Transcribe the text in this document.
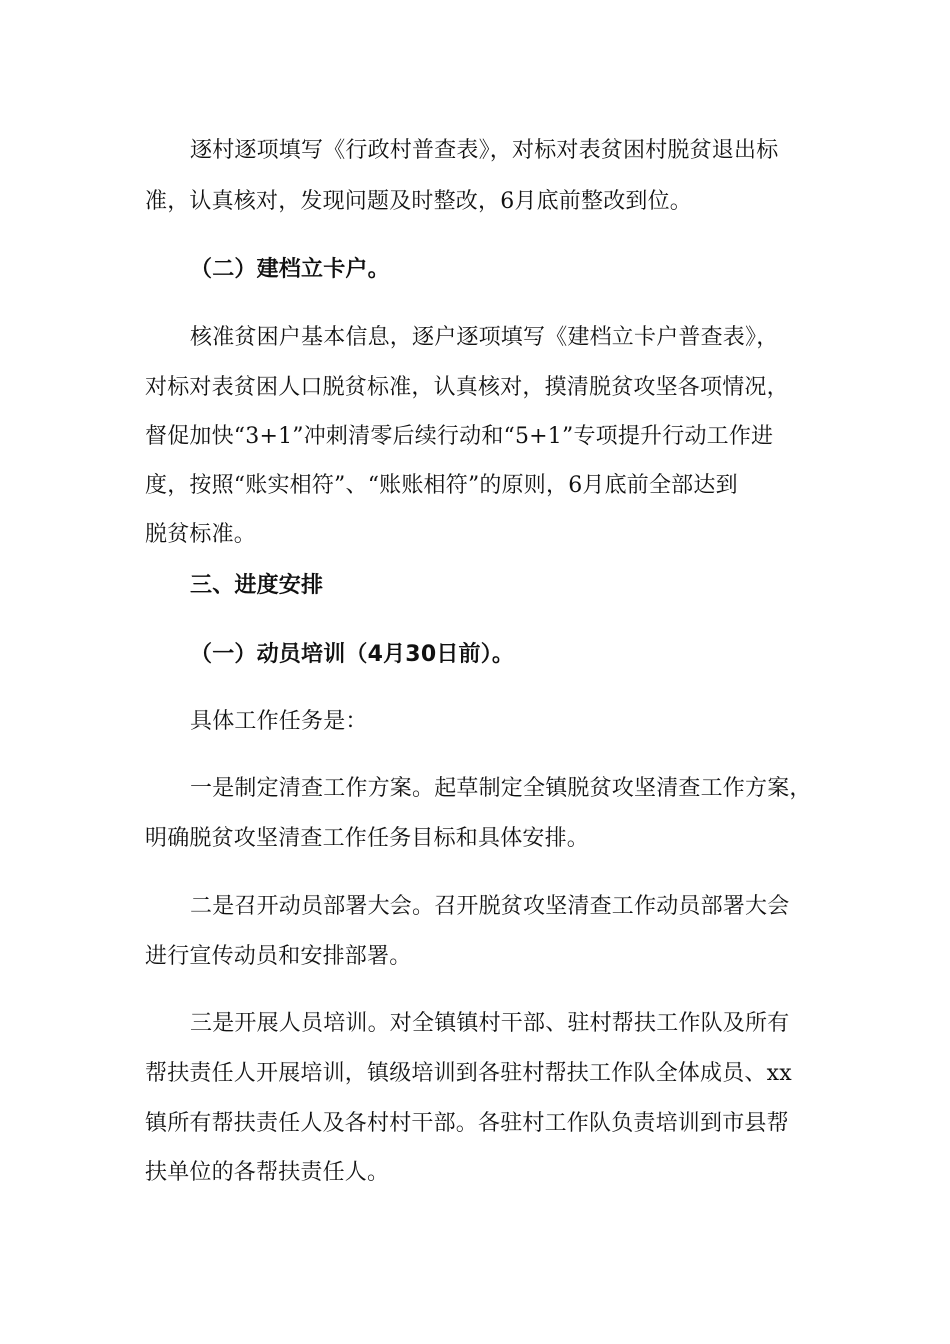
逐村逐项填写《行政村普查表》，对标对表贫困村脱贫退出标
准，认真核对，发现问题及时整改，6月底前整改到位。
（二）建档立卡户。
核准贫困户基本信息，逐户逐项填写《建档立卡户普查表》，
对标对表贫困人口脱贫标准，认真核对，摸清脱贫攻坚各项情况，
督促加快“3+1”冲刺清零后续行动和“5+1”专项提升行动工作进
度，按照“账实相符”、“账账相符”的原则，6月底前全部达到
脱贫标准。
三、进度安排
（一）动员培训（4月30日前）。
具体工作任务是：
一是制定清查工作方案。起草制定全镇脱贫攻坚清查工作方案，
明确脱贫攻坚清查工作任务目标和具体安排。
二是召开动员部署大会。召开脱贫攻坚清查工作动员部署大会
进行宣传动员和安排部署。
三是开展人员培训。对全镇镇村干部、驻村帮扶工作队及所有
帮扶责任人开展培训，镇级培训到各驻村帮扶工作队全体成员、xx
镇所有帮扶责任人及各村村干部。各驻村工作队负责培训到市县帮
扶单位的各帮扶责任人。
